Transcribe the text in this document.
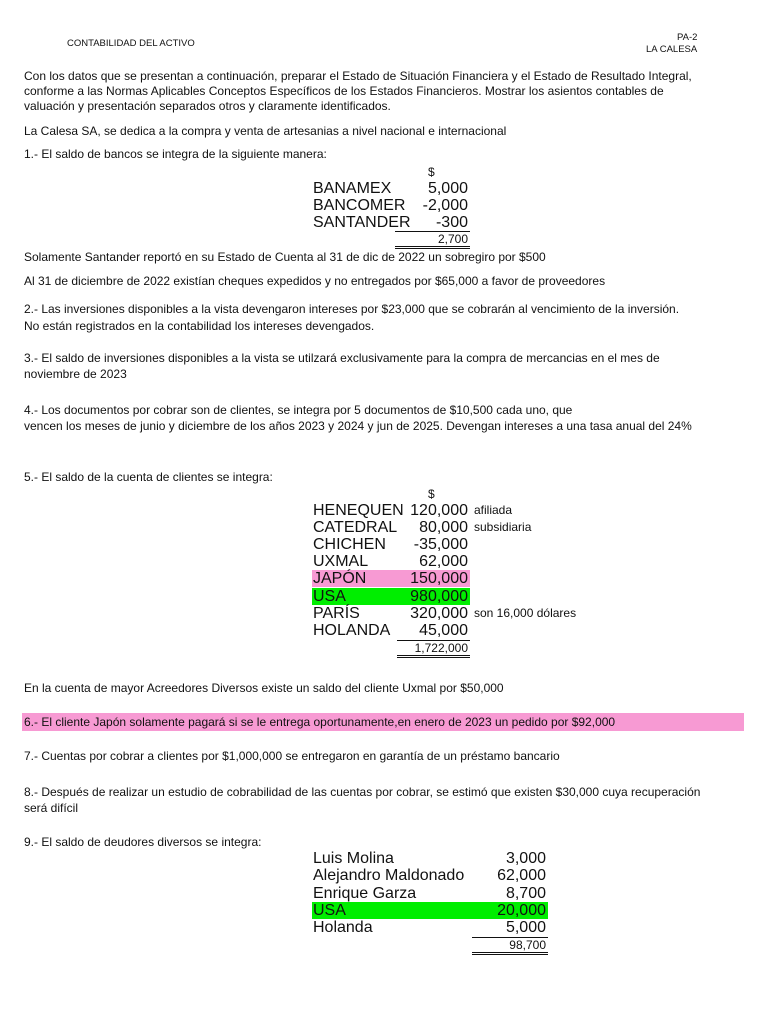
CONTABILIDAD DEL ACTIVO
PA-2
LA CALESA
Con los datos que se presentan a continuación, preparar el Estado de Situación Financiera y el Estado de Resultado Integral,
conforme a las Normas Aplicables Conceptos Específicos de los Estados Financieros. Mostrar los asientos contables de
valuación y presentación separados otros y claramente identificados.
La Calesa SA, se dedica a la compra y venta de artesanias a nivel nacional e internacional
1.- El saldo de bancos se integra de la siguiente manera:
$
BANAMEX 5,000
BANCOMER -2,000
SANTANDER -300
2,700
Solamente Santander reportó en su Estado de Cuenta al 31 de dic de 2022 un sobregiro por $500
Al 31 de diciembre de 2022 existían cheques expedidos y no entregados por $65,000 a favor de proveedores
2.- Las inversiones disponibles a la vista devengaron intereses por $23,000 que se cobrarán al vencimiento de la inversión.
No están registrados en la contabilidad los intereses devengados.
3.- El saldo de inversiones disponibles a la vista se utilzará exclusivamente para la compra de mercancias en el mes de
noviembre de 2023
4.- Los documentos por cobrar son de clientes, se integra por 5 documentos de $10,500 cada uno, que
vencen los meses de junio y diciembre de los años 2023 y 2024 y jun de 2025. Devengan intereses a una tasa anual del 24%
5.- El saldo de la cuenta de clientes se integra:
$
HENEQUEN 120,000 afiliada
CATEDRAL 80,000 subsidiaria
CHICHEN -35,000
UXMAL	62,000
JAPÓN	150,000
USA	980,000
PARÍS	320,000 son 16,000 dólares
HOLANDA 45,000
1,722,000
En la cuenta de mayor Acreedores Diversos existe un saldo del cliente Uxmal por $50,000
6.- El cliente Japón solamente pagará si se le entrega oportunamente,en enero de 2023 un pedido por $92,000
7.- Cuentas por cobrar a clientes por $1,000,000 se entregaron en garantía de un préstamo bancario
8.- Después de realizar un estudio de cobrabilidad de las cuentas por cobrar, se estimó que existen $30,000 cuya recuperación
será difícil
9.- El saldo de deudores diversos se integra:
Luis Molina	3,000
Alejandro Maldonado 62,000
Enrique Garza	8,700
USA	20,000
Holanda	5,000
98,700
